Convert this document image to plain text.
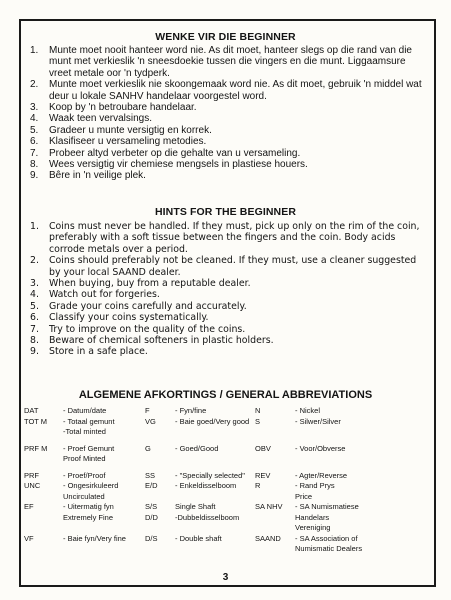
WENKE VIR DIE BEGINNER
1. Munte moet nooit hanteer word nie. As dit moet, hanteer slegs op die rand van die munt met verkieslik 'n sneesdoekie tussen die vingers en die munt. Liggaamsure vreet metale oor 'n tydperk.
2. Munte moet verkieslik nie skoongemaak word nie. As dit moet, gebruik 'n middel wat deur u lokale SANHV handelaar voorgestel word.
3. Koop by 'n betroubare handelaar.
4. Waak teen vervalsings.
5. Gradeer u munte versigtig en korrek.
6. Klasifiseer u versameling metodies.
7. Probeer altyd verbeter op die gehalte van u versameling.
8. Wees versigtig vir chemiese mengsels in plastiese houers.
9. Bêre in 'n veilige plek.
HINTS FOR THE BEGINNER
1. Coins must never be handled. If they must, pick up only on the rim of the coin, preferably with a soft tissue between the fingers and the coin. Body acids corrode metals over a period.
2. Coins should preferably not be cleaned. If they must, use a cleaner suggested by your local SAAND dealer.
3. When buying, buy from a reputable dealer.
4. Watch out for forgeries.
5. Grade your coins carefully and accurately.
6. Classify your coins systematically.
7. Try to improve on the quality of the coins.
8. Beware of chemical softeners in plastic holders.
9. Store in a safe place.
ALGEMENE AFKORTINGS / GENERAL ABBREVIATIONS
DAT	- Datum/date	F	- Fyn/fine	N	- Nickel
TOT M	- Totaal gemunt	VG	- Baie goed/Very good	S	- Silwer/Silver
	-Total minted				
PRF M	- Proef Gemunt	G	- Goed/Good	OBV	- Voor/Obverse
	Proof Minted				
PRF	- Proef/Proof	SS	- "Specially selected"	REV	- Agter/Reverse
UNC	- Ongesirkuleerd	E/D	- Enkeldisselboom	R	- Rand Prys
	Uncirculated				Price
EF	- Uitermatig fyn	S/S	Single Shaft	SA NHV	- SA Numismatiese
	Extremely Fine	D/D	-Dubbeldisselboom		Handelars
					Vereniging
VF	- Baie fyn/Very fine	D/S	- Double shaft	SAAND	- SA Association of
					Numismatic Dealers
3
